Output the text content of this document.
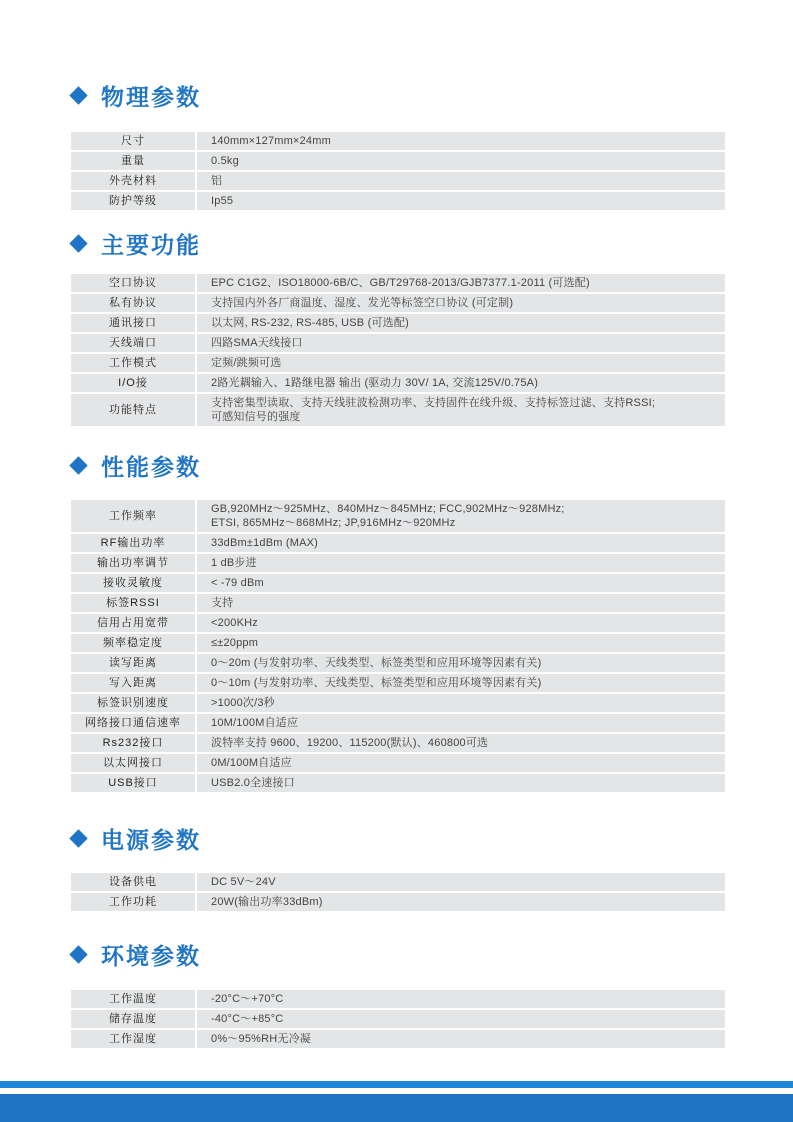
物理参数
尺寸	140mm×127mm×24mm
重量	0.5kg
外壳材料	铝
防护等级	Ip55
主要功能
空口协议	EPC C1G2、ISO18000-6B/C、GB/T29768-2013/GJB7377.1-2011 (可选配)
私有协议	支持国内外各厂商温度、湿度、发光等标签空口协议 (可定制)
通讯接口	以太网, RS-232, RS-485, USB (可选配)
天线端口	四路SMA天线接口
工作模式	定频/跳频可选
I/O接	2路光耦输入、1路继电器 输出 (驱动力 30V/ 1A, 交流125V/0.75A)
功能特点	支持密集型读取、支持天线驻波检测功率、支持固件在线升级、支持标签过滤、支持RSSI;
可感知信号的强度
性能参数
工作频率	GB,920MHz～925MHz、840MHz～845MHz; FCC,902MHz～928MHz;
ETSI, 865MHz～868MHz; JP,916MHz～920MHz

RF输出功率	33dBm±1dBm (MAX)
输出功率调节	1 dB步进
接收灵敏度	< -79 dBm
标签RSSI	支持
信用占用宽带	<200KHz
频率稳定度	≤±20ppm
读写距离	0～20m (与发射功率、天线类型、标签类型和应用环境等因素有关)
写入距离	0～10m (与发射功率、天线类型、标签类型和应用环境等因素有关)
标签识别速度	>1000次/3秒
网络接口通信速率	10M/100M自适应
Rs232接口	波特率支持 9600、19200、115200(默认)、460800可选
以太网接口	0M/100M自适应
USB接口	USB2.0全速接口
电源参数
设备供电	DC 5V～24V
工作功耗	20W(输出功率33dBm)
环境参数
工作温度	-20°C～+70°C
储存温度	-40°C～+85°C
工作湿度	0%～95%RH无冷凝
